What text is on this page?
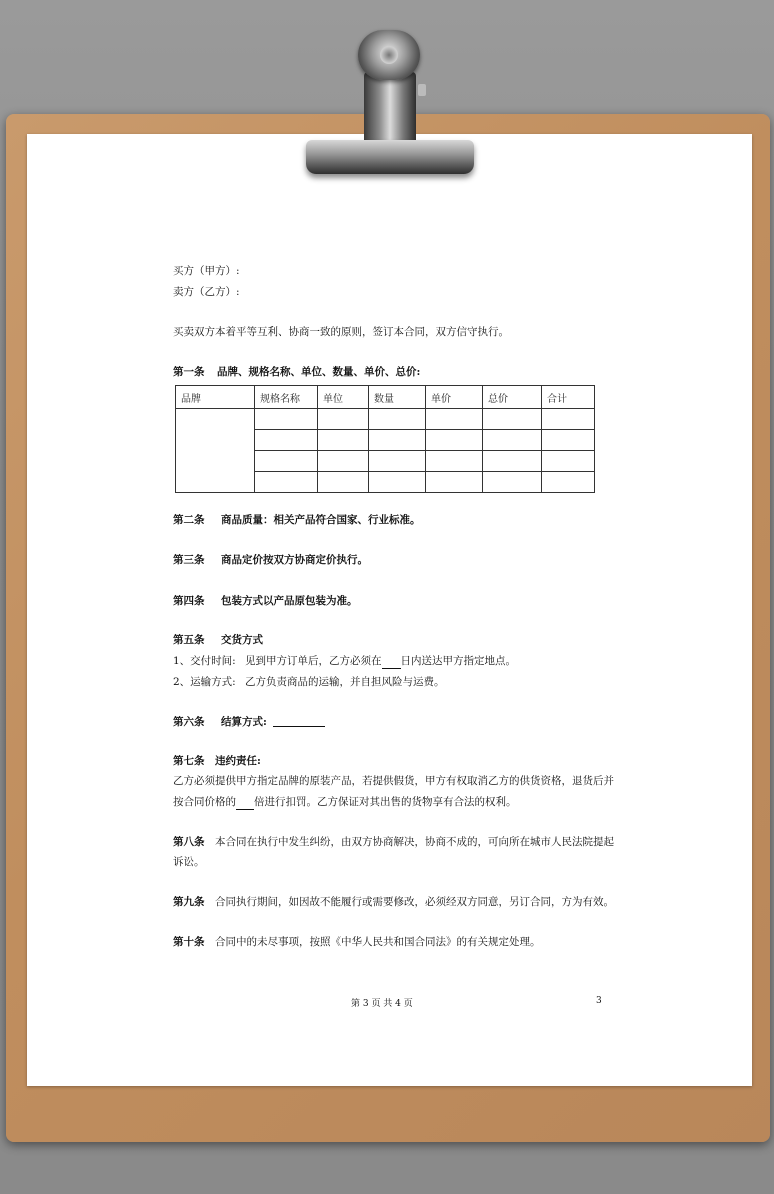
买方（甲方）:
卖方（乙方）:
买卖双方本着平等互利、协商一致的原则，签订本合同，双方信守执行。
第一条 品牌、规格名称、单位、数量、单价、总价:
品牌	规格名称	单位	数量	单价	总价	合计

第二条 商品质量：相关产品符合国家、行业标准。
第三条 商品定价按双方协商定价执行。
第四条 包装方式以产品原包装为准。
第五条 交货方式
1、交付时间: 见到甲方订单后，乙方必须在 日内送达甲方指定地点。
2、运输方式: 乙方负责商品的运输，并自担风险与运费。
第六条 结算方式:
第七条 违约责任:
乙方必须提供甲方指定品牌的原装产品，若提供假货，甲方有权取消乙方的供货资格，退货后并
按合同价格的 倍进行扣罚。乙方保证对其出售的货物享有合法的权利。
第八条 本合同在执行中发生纠纷，由双方协商解决，协商不成的，可向所在城市人民法院提起
诉讼。
第九条 合同执行期间，如因故不能履行或需要修改，必须经双方同意，另订合同，方为有效。
第十条 合同中的未尽事项，按照《中华人民共和国合同法》的有关规定处理。
第 3 页 共 4 页	3
